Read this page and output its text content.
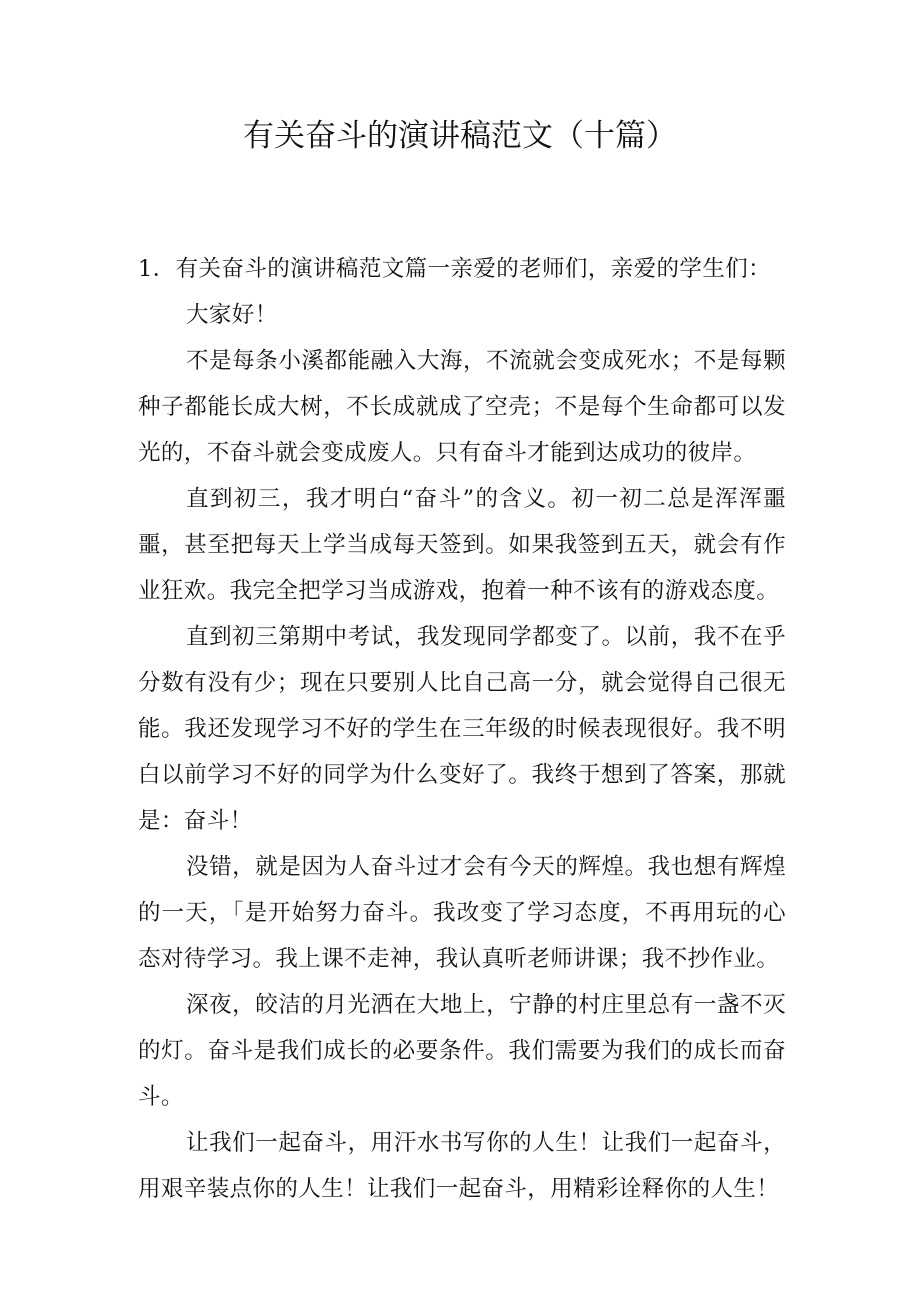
有关奋斗的演讲稿范文（十篇）

1．有关奋斗的演讲稿范文篇一亲爱的老师们，亲爱的学生们：

大家好！

不是每条小溪都能融入大海，不流就会变成死水；不是每颗种子都能长成大树，不长成就成了空壳；不是每个生命都可以发光的，不奋斗就会变成废人。只有奋斗才能到达成功的彼岸。

直到初三，我才明白“奋斗”的含义。初一初二总是浑浑噩噩，甚至把每天上学当成每天签到。如果我签到五天，就会有作业狂欢。我完全把学习当成游戏，抱着一种不该有的游戏态度。

直到初三第期中考试，我发现同学都变了。以前，我不在乎分数有没有少；现在只要别人比自己高一分，就会觉得自己很无能。我还发现学习不好的学生在三年级的时候表现很好。我不明白以前学习不好的同学为什么变好了。我终于想到了答案，那就是：奋斗！

没错，就是因为人奋斗过才会有今天的辉煌。我也想有辉煌的一天，「是开始努力奋斗。我改变了学习态度，不再用玩的心态对待学习。我上课不走神，我认真听老师讲课；我不抄作业。

深夜，皎洁的月光洒在大地上，宁静的村庄里总有一盏不灭的灯。奋斗是我们成长的必要条件。我们需要为我们的成长而奋斗。

让我们一起奋斗，用汗水书写你的人生！让我们一起奋斗，用艰辛装点你的人生！让我们一起奋斗，用精彩诠释你的人生！
